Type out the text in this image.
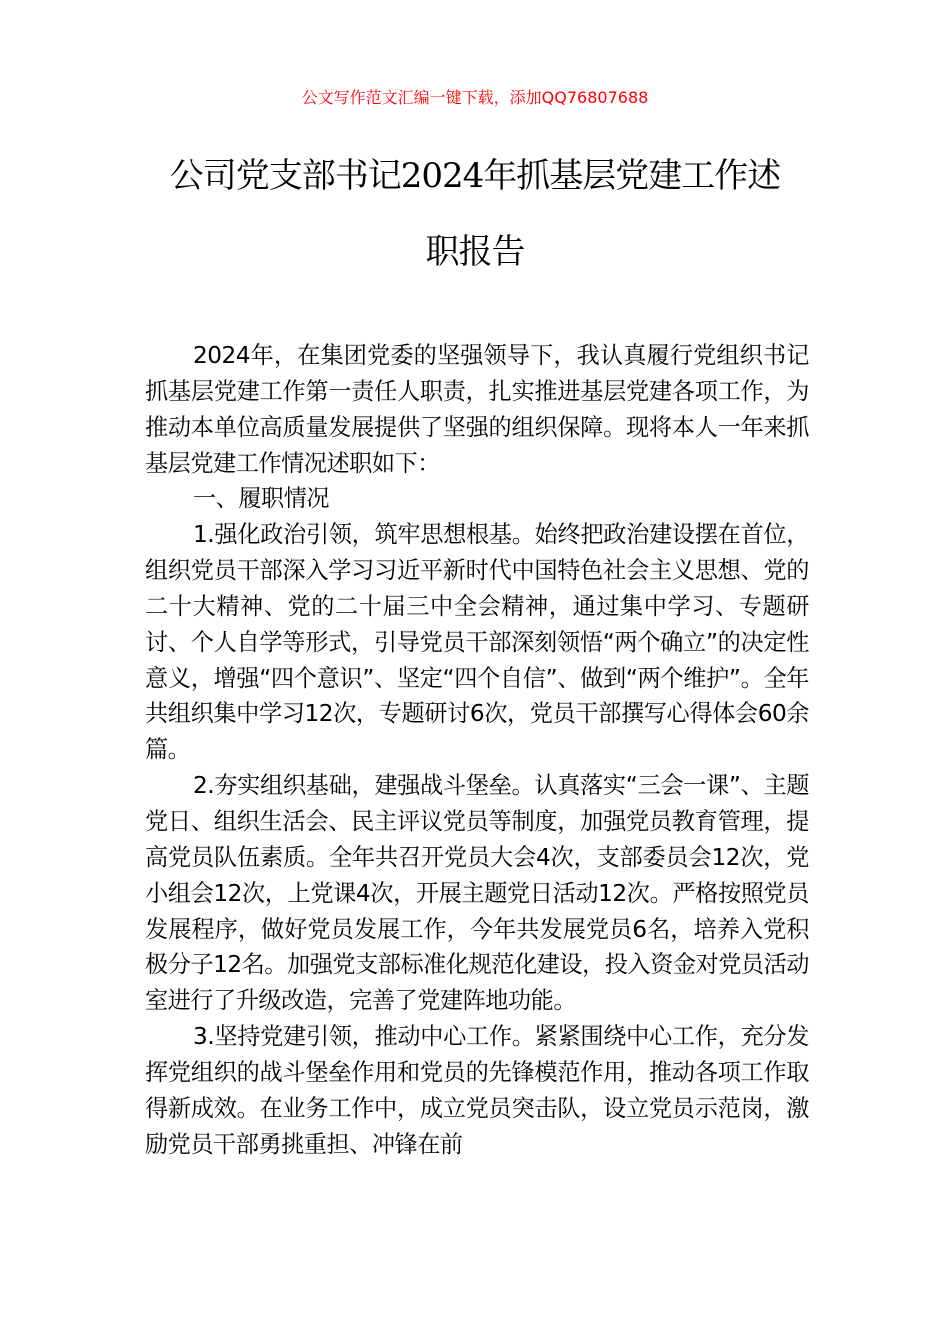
公文写作范文汇编一键下载，添加QQ76807688
公司党支部书记2024年抓基层党建工作述
职报告

2024年，在集团党委的坚强领导下，我认真履行党组织书记抓基层党建工作第一责任人职责，扎实推进基层党建各项工作，为推动本单位高质量发展提供了坚强的组织保障。现将本人一年来抓基层党建工作情况述职如下：

一、履职情况

1.强化政治引领，筑牢思想根基。始终把政治建设摆在首位，组织党员干部深入学习习近平新时代中国特色社会主义思想、党的二十大精神、党的二十届三中全会精神，通过集中学习、专题研讨、个人自学等形式，引导党员干部深刻领悟“两个确立”的决定性意义，增强“四个意识”、坚定“四个自信”、做到“两个维护”。全年共组织集中学习12次，专题研讨6次，党员干部撰写心得体会60余篇。

2.夯实组织基础，建强战斗堡垒。认真落实“三会一课”、主题党日、组织生活会、民主评议党员等制度，加强党员教育管理，提高党员队伍素质。全年共召开党员大会4次，支部委员会12次，党小组会12次，上党课4次，开展主题党日活动12次。严格按照党员发展程序，做好党员发展工作，今年共发展党员6名，培养入党积极分子12名。加强党支部标准化规范化建设，投入资金对党员活动室进行了升级改造，完善了党建阵地功能。

3.坚持党建引领，推动中心工作。紧紧围绕中心工作，充分发挥党组织的战斗堡垒作用和党员的先锋模范作用，推动各项工作取得新成效。在业务工作中，成立党员突击队，设立党员示范岗，激励党员干部勇挑重担、冲锋在前
